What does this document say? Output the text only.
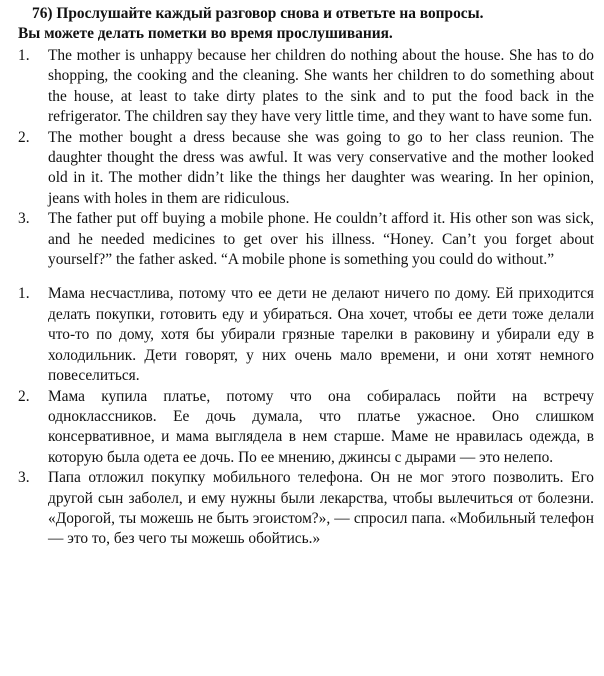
76) Прослушайте каждый разговор снова и ответьте на вопросы.
Вы можете делать пометки во время прослушивания.
1. The mother is unhappy because her children do nothing about the house. She has to do shopping, the cooking and the cleaning. She wants her children to do something about the house, at least to take dirty plates to the sink and to put the food back in the refrigerator. The children say they have very little time, and they want to have some fun.
2. The mother bought a dress because she was going to go to her class reunion. The daughter thought the dress was awful. It was very conservative and the mother looked old in it. The mother didn’t like the things her daughter was wearing. In her opinion, jeans with holes in them are ridiculous.
3. The father put off buying a mobile phone. He couldn’t afford it. His other son was sick, and he needed medicines to get over his illness. “Honey. Can’t you forget about yourself?” the father asked. “A mobile phone is something you could do without.”
1. Мама несчастлива, потому что ее дети не делают ничего по дому. Ей приходится делать покупки, готовить еду и убираться. Она хочет, чтобы ее дети тоже делали что-то по дому, хотя бы убирали грязные тарелки в раковину и убирали еду в холодильник. Дети говорят, у них очень мало времени, и они хотят немного повеселиться.
2. Мама купила платье, потому что она собиралась пойти на встречу одноклассников. Ее дочь думала, что платье ужасное. Оно слишком консервативное, и мама выглядела в нем старше. Маме не нравилась одежда, в которую была одета ее дочь. По ее мнению, джинсы с дырами — это нелепо.
3. Папа отложил покупку мобильного телефона. Он не мог этого позволить. Его другой сын заболел, и ему нужны были лекарства, чтобы вылечиться от болезни. «Дорогой, ты можешь не быть эгоистом?», — спросил папа. «Мобильный телефон — это то, без чего ты можешь обойтись.»
